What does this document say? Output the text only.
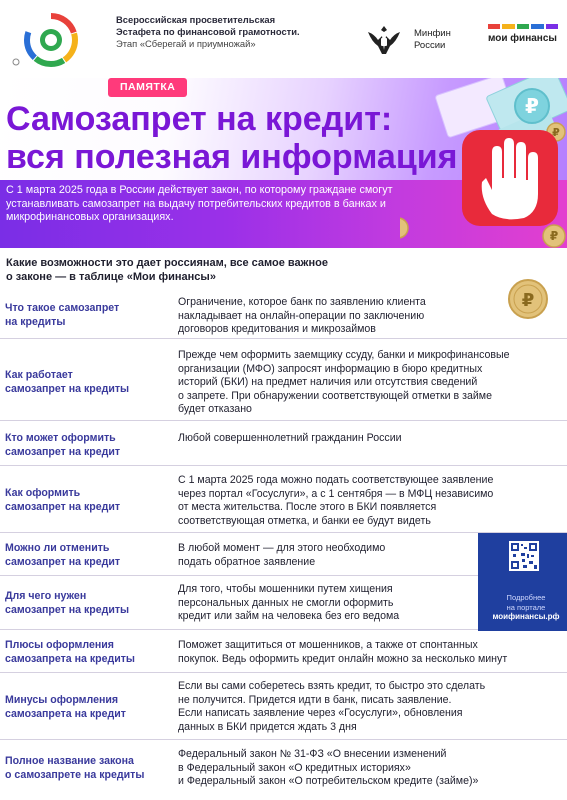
Всероссийская просветительская
Эстафета по финансовой грамотности.
Этап «Сберегай и приумножай»
Минфин
России
мои финансы
ПАМЯТКА
Самозапрет на кредит:
вся полезная информация
С 1 марта 2025 года в России действует закон, по которому граждане смогут устанавливать самозапрет на выдачу потребительских кредитов в банках и микрофинансовых организациях.
₽
₽
₽
Какие возможности это дает россиянам, все самое важное
о законе — в таблице «Мои финансы»
₽
Что такое самозапрет
на кредиты
Ограничение, которое банк по заявлению клиента
накладывает на онлайн-операции по заключению
договоров кредитования и микрозаймов
Как работает
самозапрет на кредиты
Прежде чем оформить заемщику ссуду, банки и микрофинансовые
организации (МФО) запросят информацию в бюро кредитных
историй (БКИ) на предмет наличия или отсутствия сведений
о запрете. При обнаружении соответствующей отметки в займе
будет отказано
Кто может оформить
самозапрет на кредит
Любой совершеннолетний гражданин России
Как оформить
самозапрет на кредит
С 1 марта 2025 года можно подать соответствующее заявление
через портал «Госуслуги», а с 1 сентября — в МФЦ независимо
от места жительства. После этого в БКИ появляется
соответствующая отметка, и банки ее будут видеть
Можно ли отменить
самозапрет на кредит
В любой момент — для этого необходимо
подать обратное заявление
Для чего нужен
самозапрет на кредиты
Для того, чтобы мошенники путем хищения
персональных данных не смогли оформить
кредит или займ на человека без его ведома
Плюсы оформления
самозапрета на кредиты
Поможет защититься от мошенников, а также от спонтанных
покупок. Ведь оформить кредит онлайн можно за несколько минут
Минусы оформления
самозапрета на кредит
Если вы сами соберетесь взять кредит, то быстро это сделать
не получится. Придется идти в банк, писать заявление.
Если написать заявление через «Госуслуги», обновления
данных в БКИ придется ждать 3 дня
Полное название закона
о самозапрете на кредиты
Федеральный закон № 31-ФЗ «О внесении изменений
в Федеральный закон «О кредитных историях»
и Федеральный закон «О потребительском кредите (займе)»
Подробнее
на портале
моифинансы.рф
